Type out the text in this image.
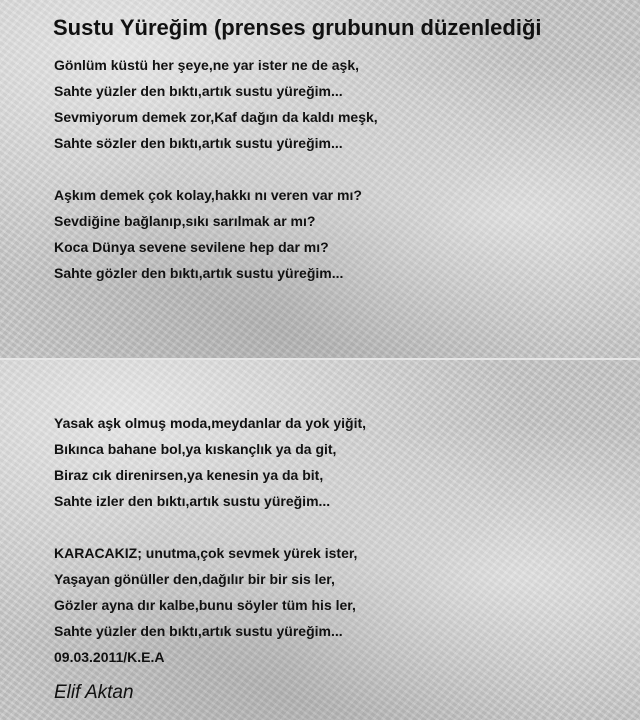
Sustu Yüreğim (prenses grubunun düzenlediği

Gönlüm küstü her şeye,ne yar ister ne de aşk,

Sahte yüzler den bıktı,artık sustu yüreğim...

Sevmiyorum demek zor,Kaf dağın da kaldı meşk,

Sahte sözler den bıktı,artık sustu yüreğim...

Aşkım demek çok kolay,hakkı nı veren var mı?

Sevdiğine bağlanıp,sıkı sarılmak ar mı?

Koca Dünya sevene sevilene hep dar mı?

Sahte gözler den bıktı,artık sustu yüreğim...

Yasak aşk olmuş moda,meydanlar da yok yiğit,

Bıkınca bahane bol,ya kıskançlık ya da git,

Biraz cık direnirsen,ya kenesin ya da bit,

Sahte izler den bıktı,artık sustu yüreğim...

KARACAKIZ; unutma,çok sevmek yürek ister,

Yaşayan gönüller den,dağılır bir bir sis ler,

Gözler ayna dır kalbe,bunu söyler tüm his ler,

Sahte yüzler den bıktı,artık sustu yüreğim...

09.03.2011/K.E.A

Elif Aktan
